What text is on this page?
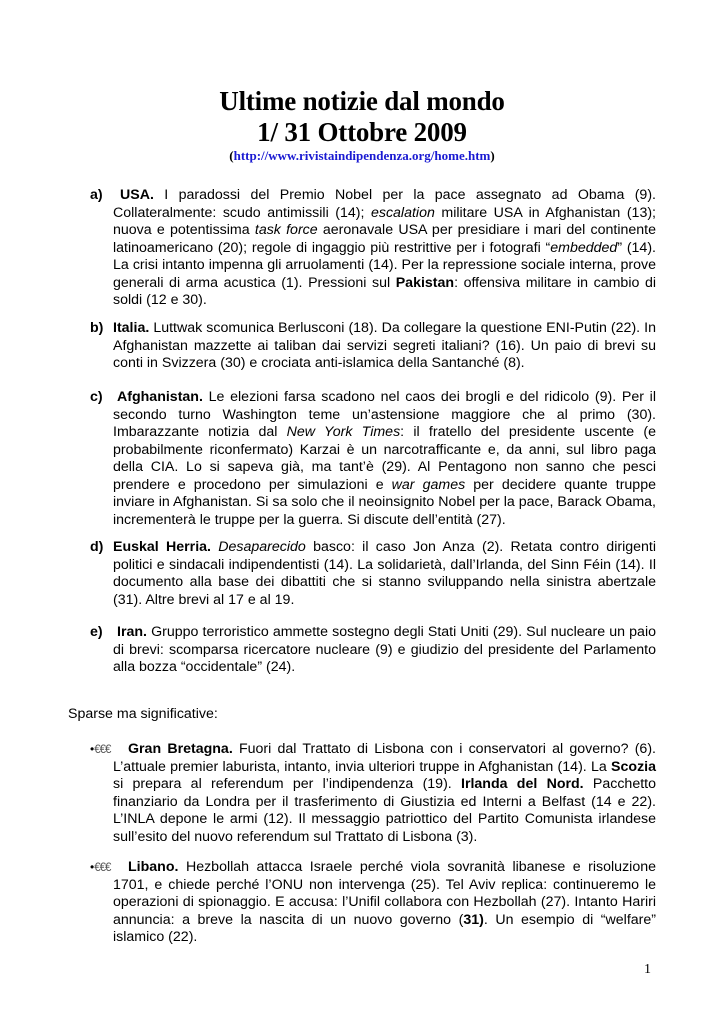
Ultime notizie dal mondo
1/ 31 Ottobre 2009
(http://www.rivistaindipendenza.org/home.htm)
a)	USA. I paradossi del Premio Nobel per la pace assegnato ad Obama (9). Collateralmente: scudo antimissili (14); escalation militare USA in Afghanistan (13); nuova e potentissima task force aeronavale USA per presidiare i mari del continente latinoamericano (20); regole di ingaggio più restrittive per i fotografi “embedded” (14). La crisi intanto impenna gli arruolamenti (14). Per la repressione sociale interna, prove generali di arma acustica (1). Pressioni sul Pakistan: offensiva militare in cambio di soldi (12 e 30).
b) Italia. Luttwak scomunica Berlusconi (18). Da collegare la questione ENI-Putin (22). In Afghanistan mazzette ai taliban dai servizi segreti italiani? (16). Un paio di brevi su conti in Svizzera (30) e crociata anti-islamica della Santanché (8).
c) Afghanistan. Le elezioni farsa scadono nel caos dei brogli e del ridicolo (9). Per il secondo turno Washington teme un’astensione maggiore che al primo (30). Imbarazzante notizia dal New York Times: il fratello del presidente uscente (e probabilmente riconfermato) Karzai è un narcotrafficante e, da anni, sul libro paga della CIA. Lo si sapeva già, ma tant’è (29). Al Pentagono non sanno che pesci prendere e procedono per simulazioni e war games per decidere quante truppe inviare in Afghanistan. Si sa solo che il neoinsignito Nobel per la pace, Barack Obama, incrementerà le truppe per la guerra. Si discute dell’entità (27).
d) Euskal Herria. Desaparecido basco: il caso Jon Anza (2). Retata contro dirigenti politici e sindacali indipendentisti (14). La solidarietà, dall’Irlanda, del Sinn Féin (14). Il documento alla base dei dibattiti che si stanno sviluppando nella sinistra abertzale (31). Altre brevi al 17 e al 19.
e) Iran. Gruppo terroristico ammette sostegno degli Stati Uniti (29). Sul nucleare un paio di brevi: scomparsa ricercatore nucleare (9) e giudizio del presidente del Parlamento alla bozza “occidentale” (24).
Sparse ma significative:
•€€€	Gran Bretagna. Fuori dal Trattato di Lisbona con i conservatori al governo? (6). L’attuale premier laburista, intanto, invia ulteriori truppe in Afghanistan (14). La Scozia si prepara al referendum per l’indipendenza (19). Irlanda del Nord. Pacchetto finanziario da Londra per il trasferimento di Giustizia ed Interni a Belfast (14 e 22). L’INLA depone le armi (12). Il messaggio patriottico del Partito Comunista irlandese sull’esito del nuovo referendum sul Trattato di Lisbona (3).
•€€€	Libano. Hezbollah attacca Israele perché viola sovranità libanese e risoluzione 1701, e chiede perché l’ONU non intervenga (25). Tel Aviv replica: continueremo le operazioni di spionaggio. E accusa: l’Unifil collabora con Hezbollah (27). Intanto Hariri annuncia: a breve la nascita di un nuovo governo (31). Un esempio di “welfare” islamico (22).
1
